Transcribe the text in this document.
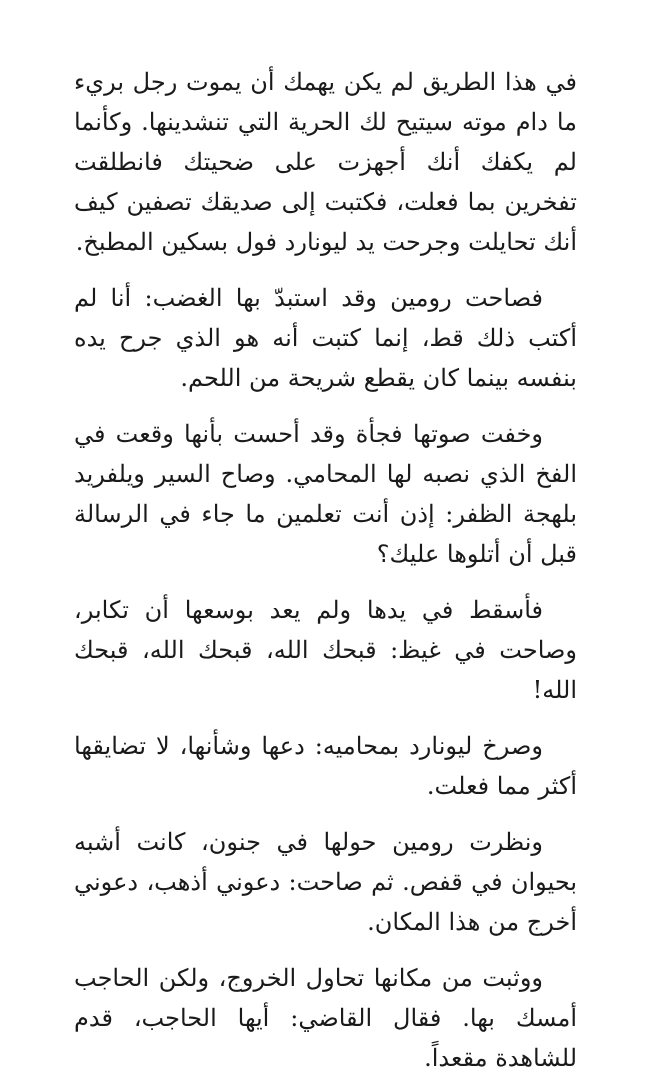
في هذا الطريق لم يكن يهمك أن يموت رجل بريء ما دام موته سيتيح لك الحرية التي تنشدينها. وكأنما لم يكفك أنك أجهزت على ضحيتك فانطلقت تفخرين بما فعلت، فكتبت إلى صديقك تصفين كيف أنك تحايلت وجرحت يد ليونارد فول بسكين المطبخ.

فصاحت رومين وقد استبدّ بها الغضب: أنا لم أكتب ذلك قط، إنما كتبت أنه هو الذي جرح يده بنفسه بينما كان يقطع شريحة من اللحم.

وخفت صوتها فجأة وقد أحست بأنها وقعت في الفخ الذي نصبه لها المحامي. وصاح السير ويلفريد بلهجة الظفر: إذن أنت تعلمين ما جاء في الرسالة قبل أن أتلوها عليك؟

فأسقط في يدها ولم يعد بوسعها أن تكابر، وصاحت في غيظ: قبحك الله، قبحك الله، قبحك الله!

وصرخ ليونارد بمحاميه: دعها وشأنها، لا تضايقها أكثر مما فعلت.

ونظرت رومين حولها في جنون، كانت أشبه بحيوان في قفص. ثم صاحت: دعوني أذهب، دعوني أخرج من هذا المكان.

ووثبت من مكانها تحاول الخروج، ولكن الحاجب أمسك بها. فقال القاضي: أيها الحاجب، قدم للشاهدة مقعداً.
